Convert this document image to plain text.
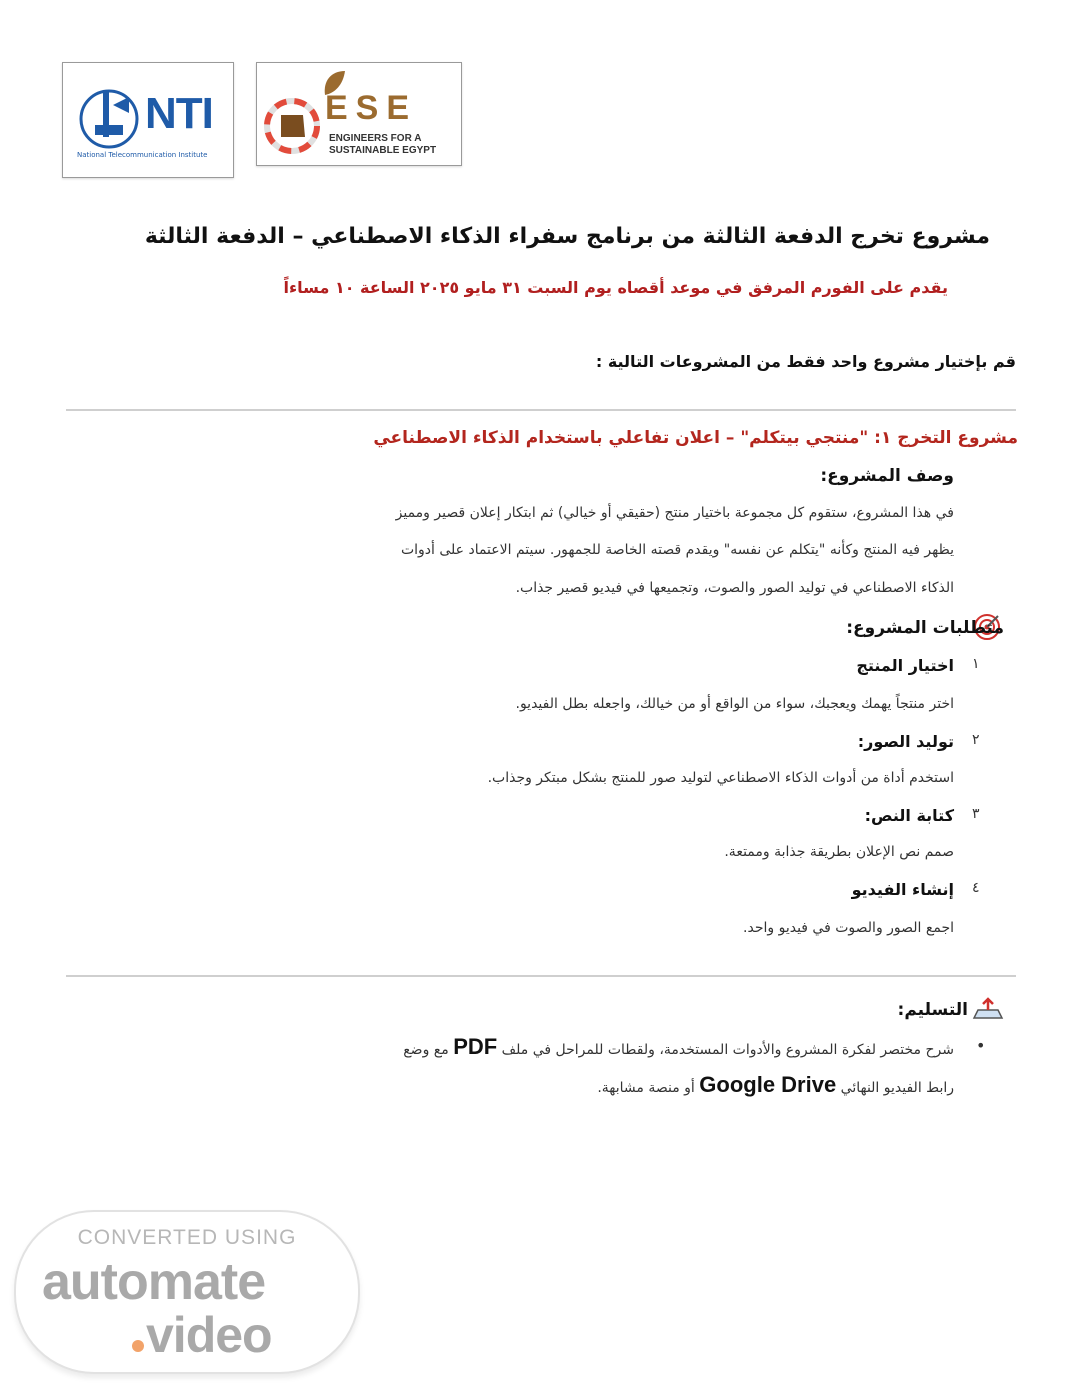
NTI
National Telecommunication Institute
ESE
ENGINEERS FOR A
SUSTAINABLE EGYPT
مشروع تخرج الدفعة الثالثة من برنامج سفراء الذكاء الاصطناعي – الدفعة الثالثة
يقدم على الفورم المرفق في موعد أقصاه يوم السبت ٣١ مايو ٢٠٢٥ الساعة ١٠ مساءاً
قم بإختيار مشروع واحد فقط من المشروعات التالية :
مشروع التخرج ١: "منتجي بيتكلم" – اعلان تفاعلي باستخدام الذكاء الاصطناعي
وصف المشروع:
في هذا المشروع، ستقوم كل مجموعة باختيار منتج (حقيقي أو خيالي) ثم ابتكار إعلان قصير ومميز
يظهر فيه المنتج وكأنه "يتكلم عن نفسه" ويقدم قصته الخاصة للجمهور. سيتم الاعتماد على أدوات
الذكاء الاصطناعي في توليد الصور والصوت، وتجميعها في فيديو قصير جذاب.
متطلبات المشروع:
١
اختيار المنتج
اختر منتجاً يهمك ويعجبك، سواء من الواقع أو من خيالك، واجعله بطل الفيديو.
٢
توليد الصور:
استخدم أداة من أدوات الذكاء الاصطناعي لتوليد صور للمنتج بشكل مبتكر وجذاب.
٣
كتابة النص:
صمم نص الإعلان بطريقة جذابة وممتعة.
٤
إنشاء الفيديو
اجمع الصور والصوت في فيديو واحد.
التسليم:
•
شرح مختصر لفكرة المشروع والأدوات المستخدمة، ولقطات للمراحل في ملف PDF مع وضع
رابط الفيديو النهائي Google Drive أو منصة مشابهة.
CONVERTED USING
automate
video
